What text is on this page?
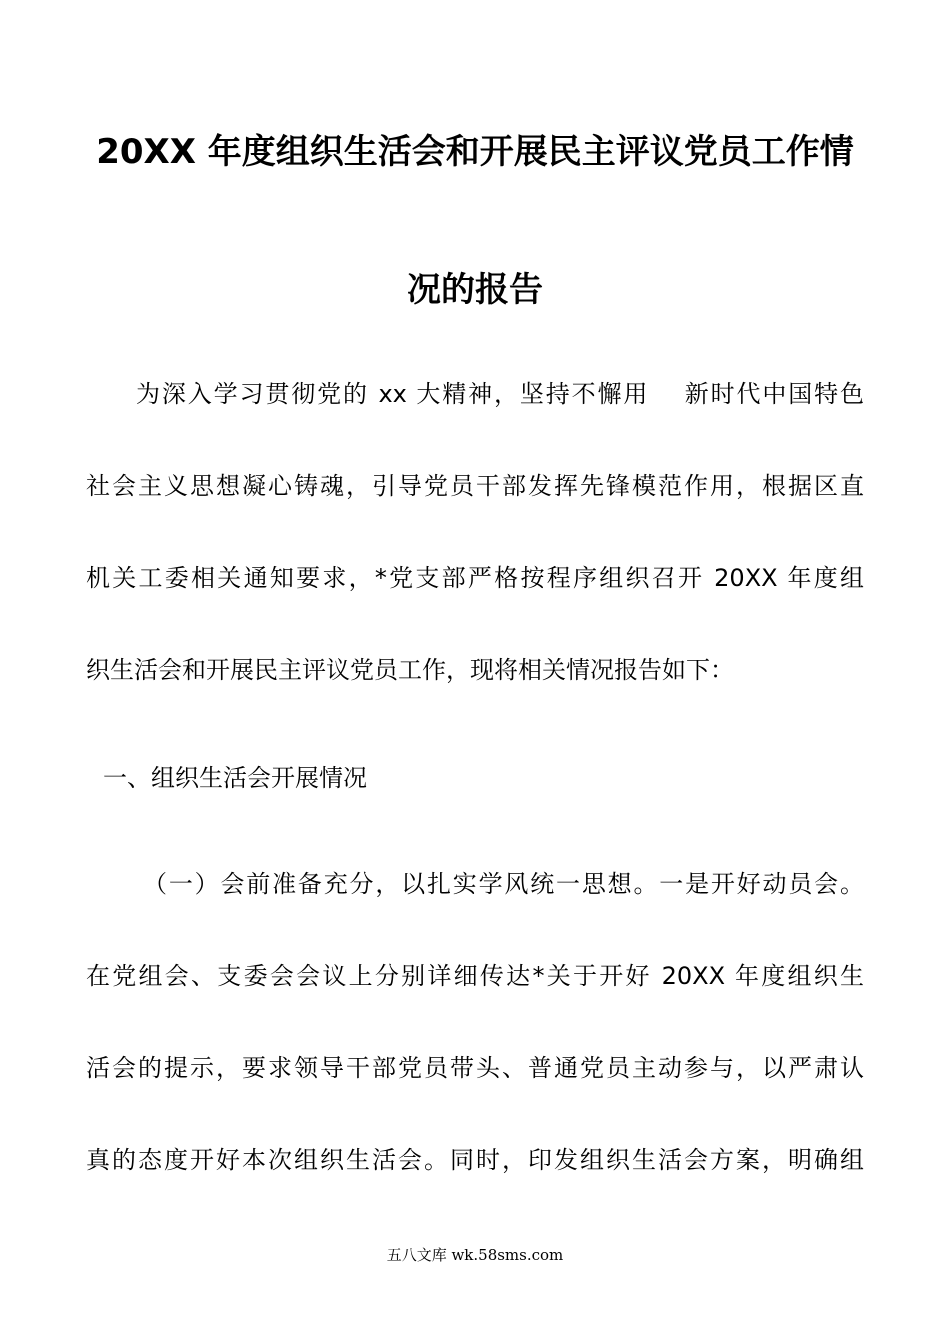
20XX 年度组织生活会和开展民主评议党员工作情
况的报告
为深入学习贯彻党的 xx 大精神，坚持不懈用　 新时代中国特色
社会主义思想凝心铸魂，引导党员干部发挥先锋模范作用，根据区直
机关工委相关通知要求，*党支部严格按程序组织召开 20XX 年度组
织生活会和开展民主评议党员工作，现将相关情况报告如下：
一、组织生活会开展情况
（一）会前准备充分，以扎实学风统一思想。一是开好动员会。
在党组会、支委会会议上分别详细传达*关于开好 20XX 年度组织生
活会的提示，要求领导干部党员带头、普通党员主动参与，以严肃认
真的态度开好本次组织生活会。同时，印发组织生活会方案，明确组
五八文库 wk.58sms.com
